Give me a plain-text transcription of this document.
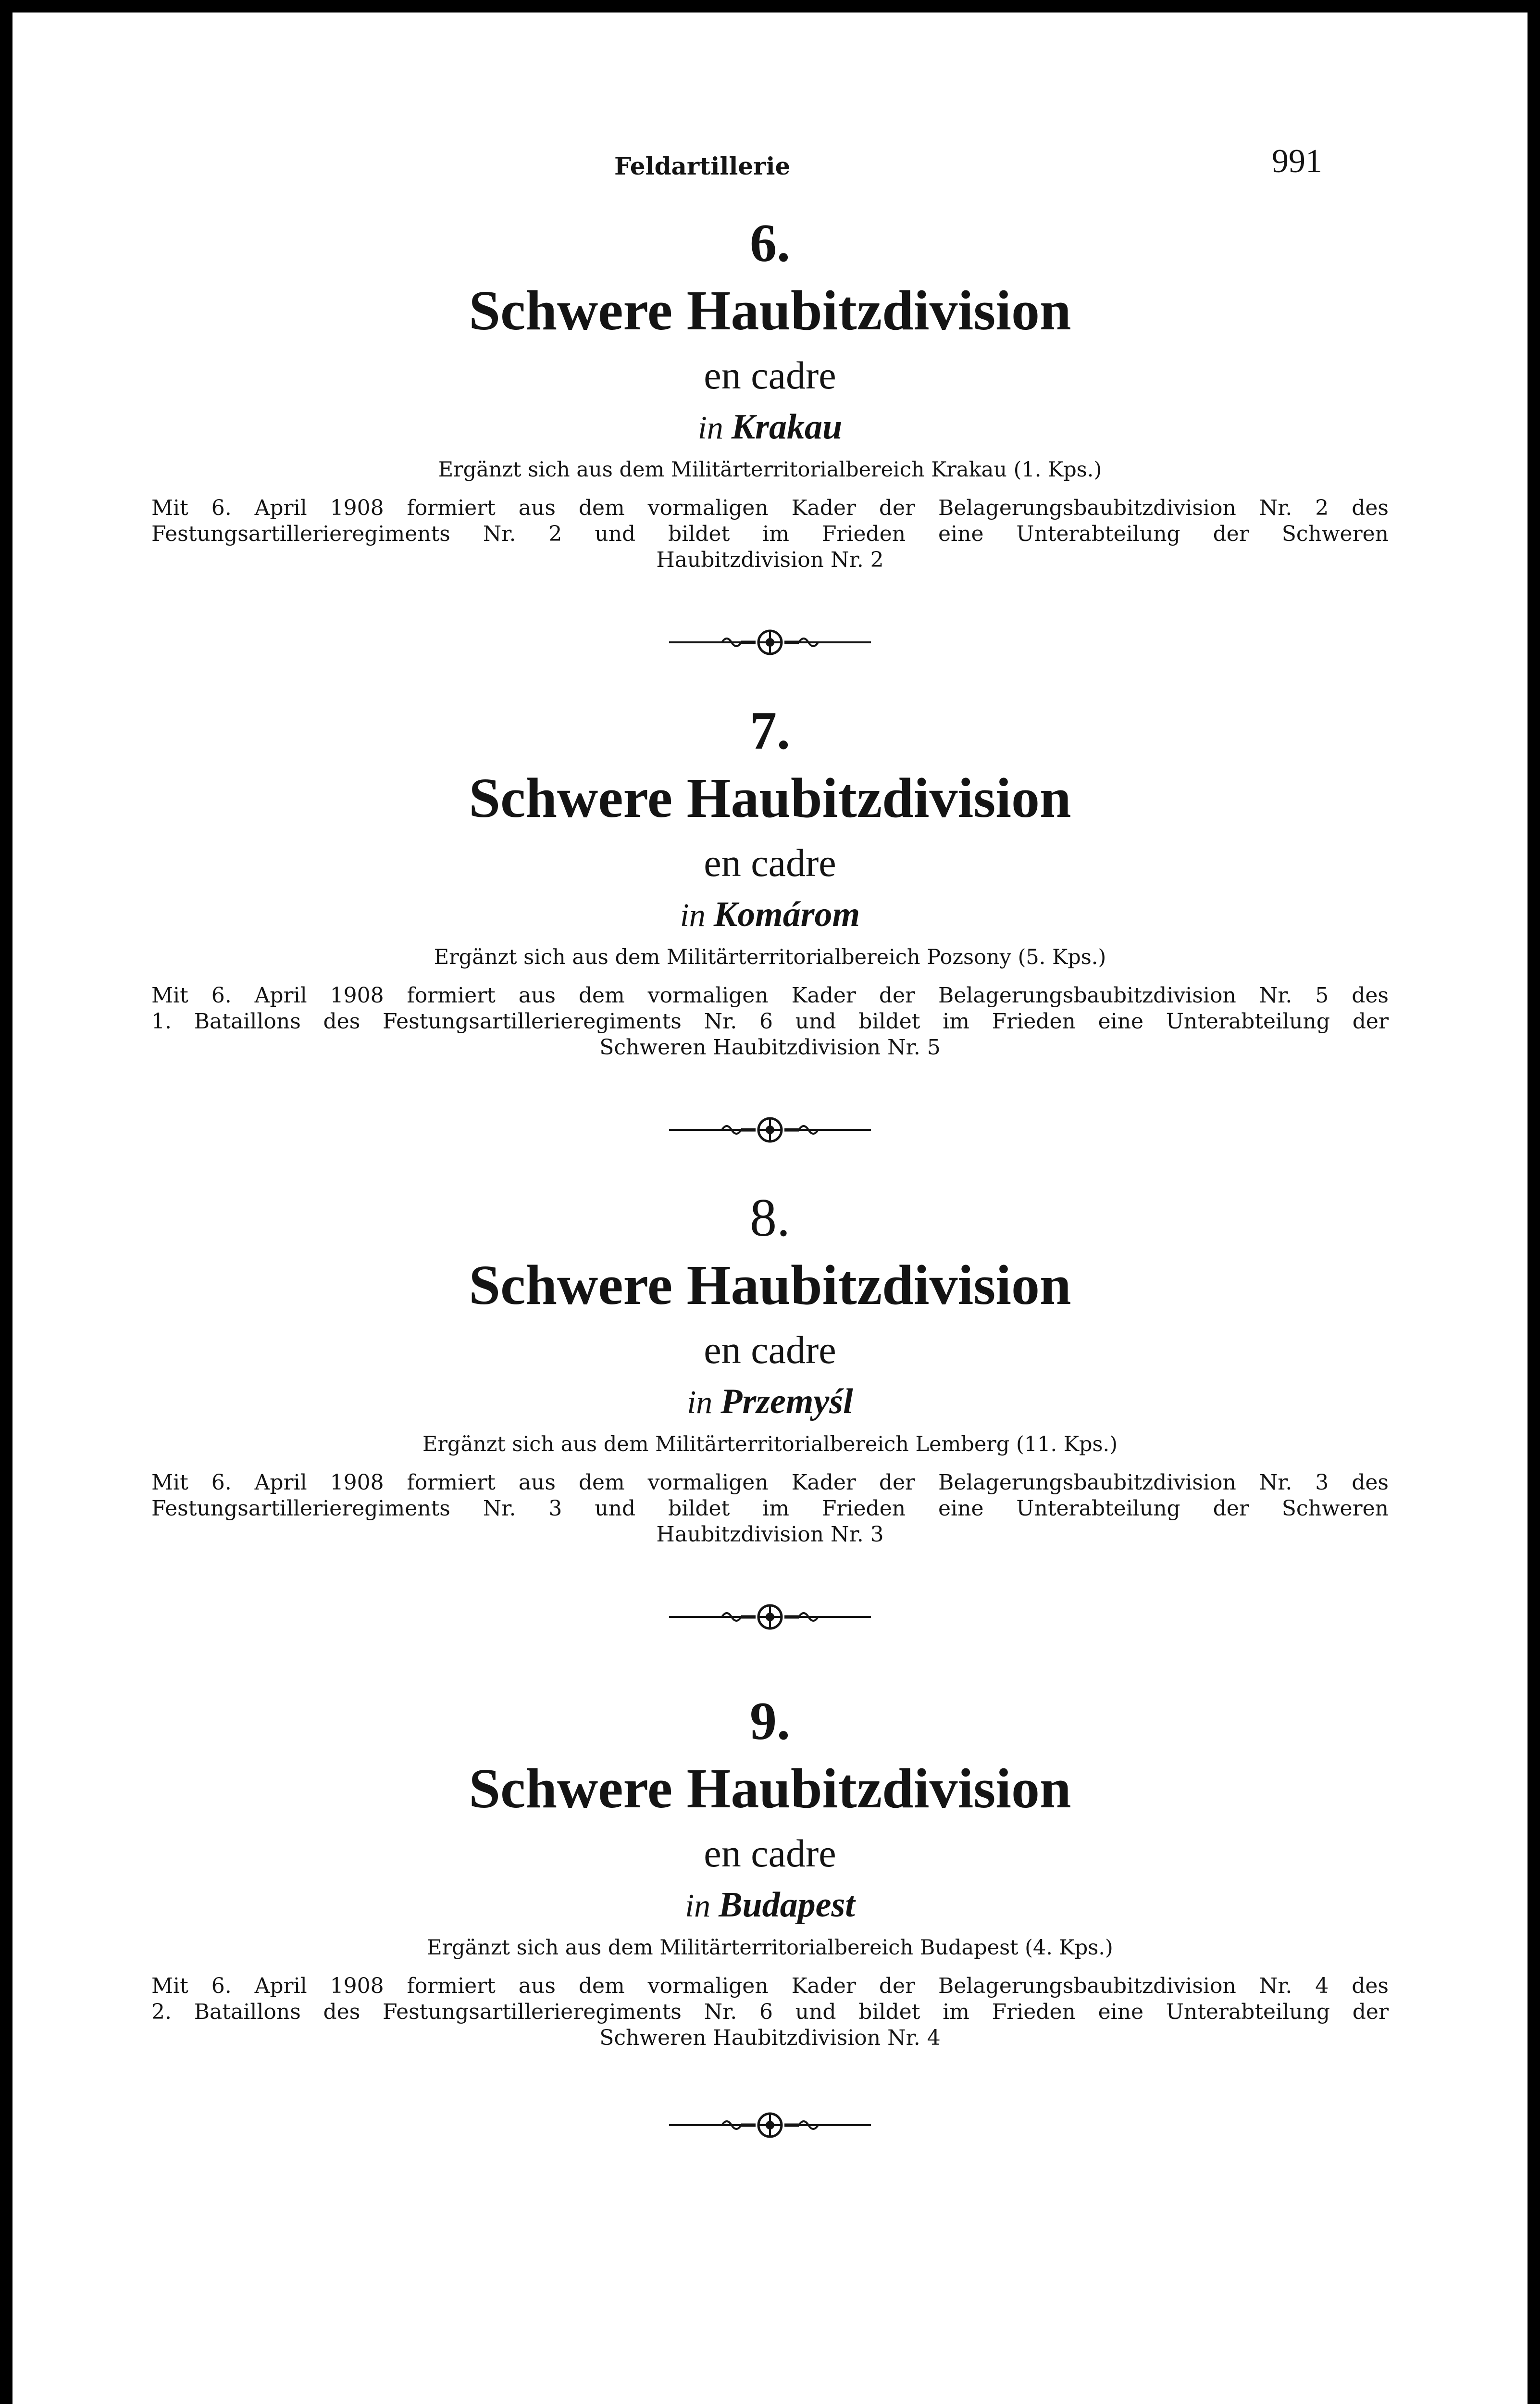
Feldartillerie	991
6.
Schwere Haubitzdivision
en cadre
in Krakau
Ergänzt sich aus dem Militärterritorialbereich Krakau (1. Kps.)
Mit 6. April 1908 formiert aus dem vormaligen Kader der Belagerungsbaubitzdivision Nr. 2 des
Festungsartillerieregiments Nr. 2 und bildet im Frieden eine Unterabteilung der Schweren
Haubitzdivision Nr. 2
7.
Schwere Haubitzdivision
en cadre
in Komárom
Ergänzt sich aus dem Militärterritorialbereich Pozsony (5. Kps.)
Mit 6. April 1908 formiert aus dem vormaligen Kader der Belagerungsbaubitzdivision Nr. 5 des
1. Bataillons des Festungsartillerieregiments Nr. 6 und bildet im Frieden eine Unterabteilung der
Schweren Haubitzdivision Nr. 5
8.
Schwere Haubitzdivision
en cadre
in Przemyśl
Ergänzt sich aus dem Militärterritorialbereich Lemberg (11. Kps.)
Mit 6. April 1908 formiert aus dem vormaligen Kader der Belagerungsbaubitzdivision Nr. 3 des
Festungsartillerieregiments Nr. 3 und bildet im Frieden eine Unterabteilung der Schweren
Haubitzdivision Nr. 3
9.
Schwere Haubitzdivision
en cadre
in Budapest
Ergänzt sich aus dem Militärterritorialbereich Budapest (4. Kps.)
Mit 6. April 1908 formiert aus dem vormaligen Kader der Belagerungsbaubitzdivision Nr. 4 des
2. Bataillons des Festungsartillerieregiments Nr. 6 und bildet im Frieden eine Unterabteilung der
Schweren Haubitzdivision Nr. 4
